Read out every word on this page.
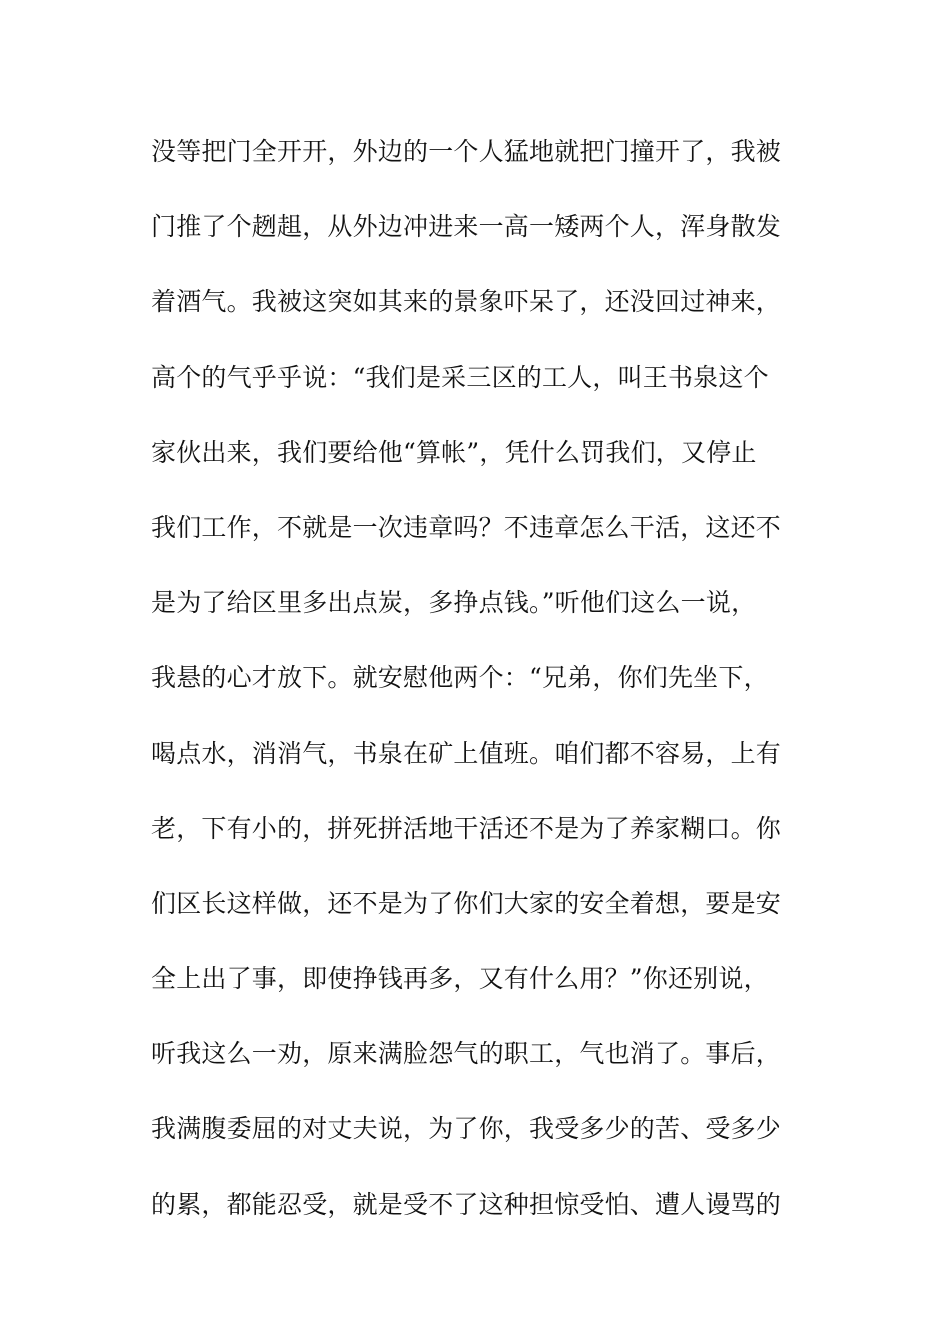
没等把门全开开，外边的一个人猛地就把门撞开了，我被
门推了个趔趄，从外边冲进来一高一矮两个人，浑身散发
着酒气。我被这突如其来的景象吓呆了，还没回过神来，
高个的气乎乎说：“我们是采三区的工人，叫王书泉这个
家伙出来，我们要给他“算帐”，凭什么罚我们，又停止
我们工作，不就是一次违章吗？不违章怎么干活，这还不
是为了给区里多出点炭，多挣点钱。”听他们这么一说，
我悬的心才放下。就安慰他两个：“兄弟，你们先坐下，
喝点水，消消气，书泉在矿上值班。咱们都不容易，上有
老，下有小的，拼死拼活地干活还不是为了养家糊口。你
们区长这样做，还不是为了你们大家的安全着想，要是安
全上出了事，即使挣钱再多，又有什么用？”你还别说，
听我这么一劝，原来满脸怨气的职工，气也消了。事后，
我满腹委屈的对丈夫说，为了你，我受多少的苦、受多少
的累，都能忍受，就是受不了这种担惊受怕、遭人谩骂的
